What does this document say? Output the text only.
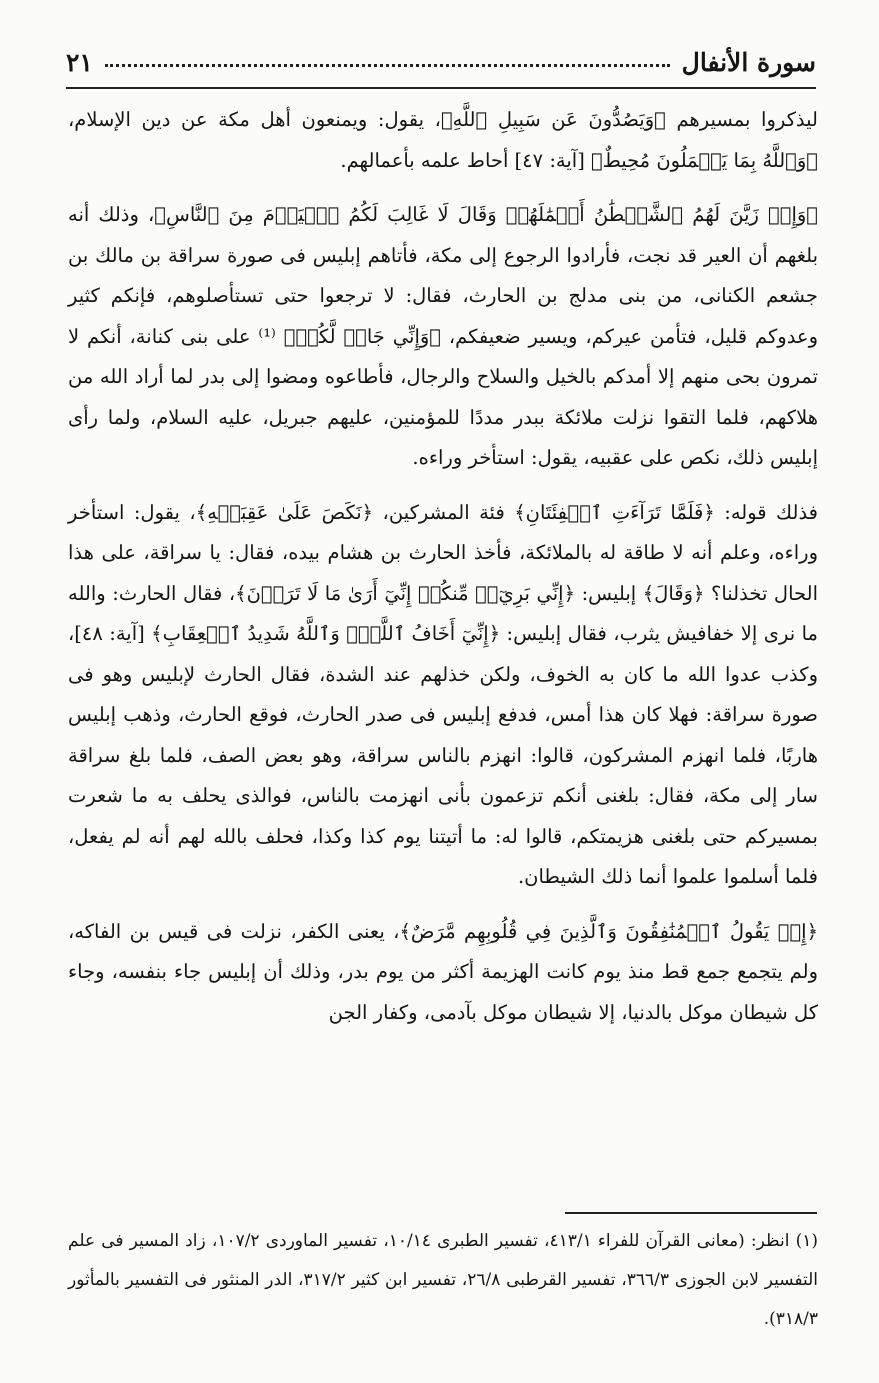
سورة الأنفال
٢١

ليذكروا بمسيرهم ﴿وَيَصُدُّونَ عَن سَبِيلِ ٱللَّهِ﴾، يقول: ويمنعون أهل مكة عن دين الإسلام، ﴿وَٱللَّهُ بِمَا يَعۡمَلُونَ مُحِيطٌ﴾ [آية: ٤٧] أحاط علمه بأعمالهم.

﴿وَإِذۡ زَيَّنَ لَهُمُ ٱلشَّيۡطَٰنُ أَعۡمَٰلَهُمۡ وَقَالَ لَا غَالِبَ لَكُمُ ٱلۡيَوۡمَ مِنَ ٱلنَّاسِ﴾، وذلك أنه بلغهم أن العير قد نجت، فأرادوا الرجوع إلى مكة، فأتاهم إبليس فى صورة سراقة بن مالك بن جشعم الكنانى، من بنى مدلج بن الحارث، فقال: لا ترجعوا حتى تستأصلوهم، فإنكم كثير وعدوكم قليل، فتأمن عيركم، ويسير ضعيفكم، ﴿وَإِنِّي جَارٞ لَّكُمۡ﴾ ⁽¹⁾ على بنى كنانة، أنكم لا تمرون بحى منهم إلا أمدكم بالخيل والسلاح والرجال، فأطاعوه ومضوا إلى بدر لما أراد الله من هلاكهم، فلما التقوا نزلت ملائكة ببدر مددًا للمؤمنين، عليهم جبريل، عليه السلام، ولما رأى إبليس ذلك، نكص على عقبيه، يقول: استأخر وراءه.

فذلك قوله: ﴿فَلَمَّا تَرَآءَتِ ٱلۡفِئَتَانِ﴾ فئة المشركين، ﴿نَكَصَ عَلَىٰ عَقِبَيۡهِ﴾، يقول: استأخر وراءه، وعلم أنه لا طاقة له بالملائكة، فأخذ الحارث بن هشام بيده، فقال: يا سراقة، على هذا الحال تخذلنا؟ ﴿وَقَالَ﴾ إبليس: ﴿إِنِّي بَرِيٓءٞ مِّنكُمۡ إِنِّيٓ أَرَىٰ مَا لَا تَرَوۡنَ﴾، فقال الحارث: والله ما نرى إلا خفافيش يثرب، فقال إبليس: ﴿إِنِّيٓ أَخَافُ ٱللَّهَۚ وَٱللَّهُ شَدِيدُ ٱلۡعِقَابِ﴾ [آية: ٤٨]، وكذب عدوا الله ما كان به الخوف، ولكن خذلهم عند الشدة، فقال الحارث لإبليس وهو فى صورة سراقة: فهلا كان هذا أمس، فدفع إبليس فى صدر الحارث، فوقع الحارث، وذهب إبليس هاربًا، فلما انهزم المشركون، قالوا: انهزم بالناس سراقة، وهو بعض الصف، فلما بلغ سراقة سار إلى مكة، فقال: بلغنى أنكم تزعمون بأنى انهزمت بالناس، فوالذى يحلف به ما شعرت بمسيركم حتى بلغنى هزيمتكم، قالوا له: ما أتيتنا يوم كذا وكذا، فحلف بالله لهم أنه لم يفعل، فلما أسلموا علموا أنما ذلك الشيطان.

﴿إِذۡ يَقُولُ ٱلۡمُنَٰفِقُونَ وَٱلَّذِينَ فِي قُلُوبِهِم مَّرَضٌ﴾، يعنى الكفر، نزلت فى قيس بن الفاكه، ولم يتجمع جمع قط منذ يوم كانت الهزيمة أكثر من يوم بدر، وذلك أن إبليس جاء بنفسه، وجاء كل شيطان موكل بالدنيا، إلا شيطان موكل بآدمى، وكفار الجن

(١) انظر: (معانى القرآن للفراء ٤١٣/١، تفسير الطبرى ١٠/١٤، تفسير الماوردى ١٠٧/٢، زاد المسير فى علم التفسير لابن الجوزى ٣٦٦/٣، تفسير القرطبى ٢٦/٨، تفسير ابن كثير ٣١٧/٢، الدر المنثور فى التفسير بالمأثور ٣١٨/٣).
